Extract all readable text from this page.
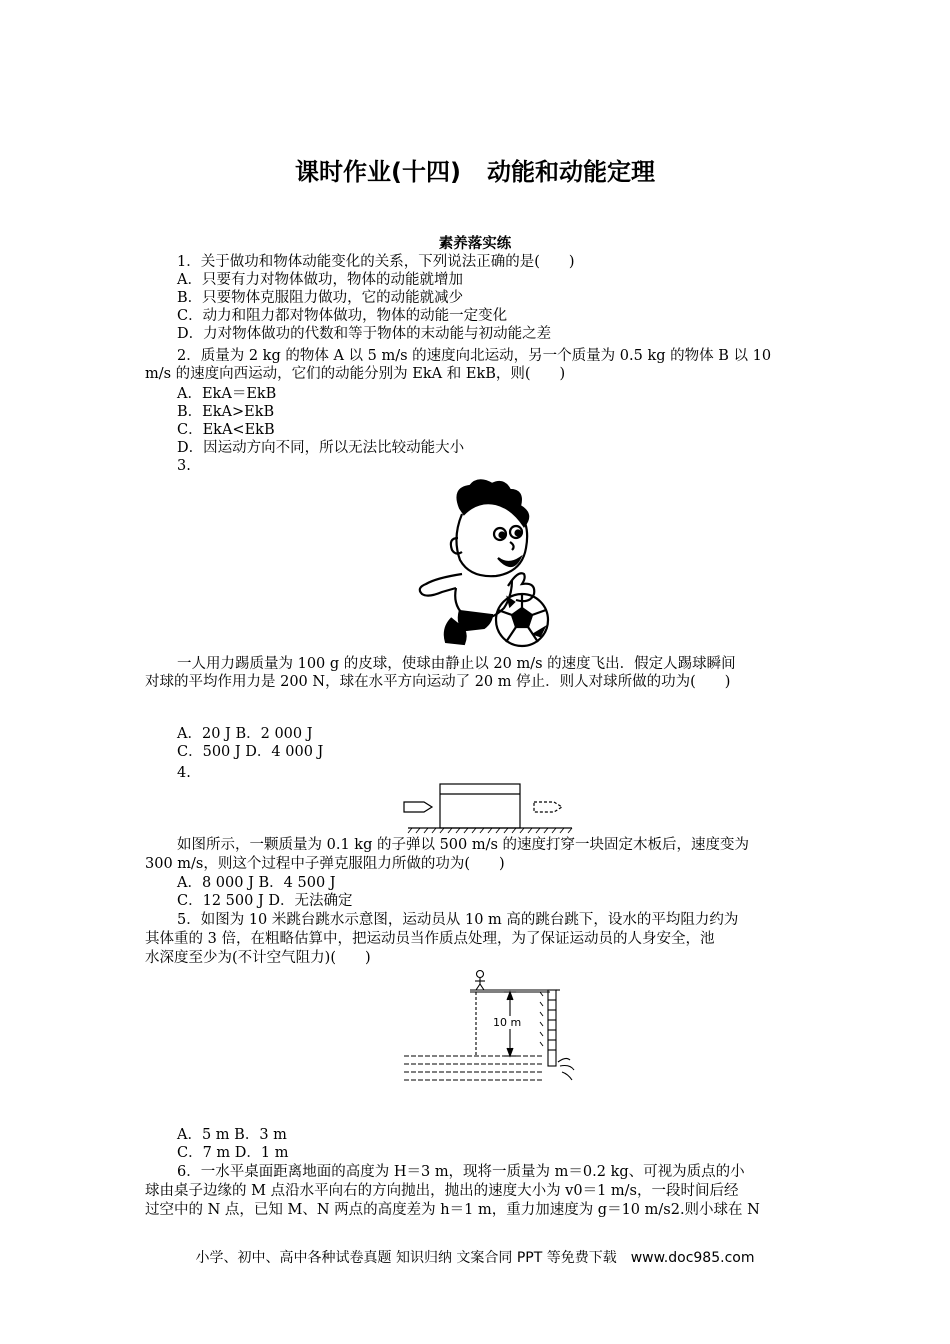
课时作业(十四) 动能和动能定理
素养落实练
1．关于做功和物体动能变化的关系，下列说法正确的是(　　)
A．只要有力对物体做功，物体的动能就增加
B．只要物体克服阻力做功，它的动能就减少
C．动力和阻力都对物体做功，物体的动能一定变化
D．力对物体做功的代数和等于物体的末动能与初动能之差
2．质量为 2 kg 的物体 A 以 5 m/s 的速度向北运动，另一个质量为 0.5 kg 的物体 B 以 10
m/s 的速度向西运动，它们的动能分别为 EkA 和 EkB，则(　　)
A．EkA＝EkB
B．EkA>EkB
C．EkA<EkB
D．因运动方向不同，所以无法比较动能大小
3.
一人用力踢质量为 100 g 的皮球，使球由静止以 20 m/s 的速度飞出．假定人踢球瞬间
对球的平均作用力是 200 N，球在水平方向运动了 20 m 停止．则人对球所做的功为(　　)
A．20 J B．2 000 J
C．500 J D．4 000 J
4.
如图所示，一颗质量为 0.1 kg 的子弹以 500 m/s 的速度打穿一块固定木板后，速度变为
300 m/s，则这个过程中子弹克服阻力所做的功为(　　)
A．8 000 J B．4 500 J
C．12 500 J D．无法确定
5．如图为 10 米跳台跳水示意图，运动员从 10 m 高的跳台跳下，设水的平均阻力约为
其体重的 3 倍，在粗略估算中，把运动员当作质点处理，为了保证运动员的人身安全，池
水深度至少为(不计空气阻力)(　　)
10 m
A．5 m B．3 m
C．7 m D．1 m
6．一水平桌面距离地面的高度为 H＝3 m，现将一质量为 m＝0.2 kg、可视为质点的小
球由桌子边缘的 M 点沿水平向右的方向抛出，抛出的速度大小为 v0＝1 m/s，一段时间后经
过空中的 N 点，已知 M、N 两点的高度差为 h＝1 m，重力加速度为 g＝10 m/s2.则小球在 N
小学、初中、高中各种试卷真题 知识归纳 文案合同 PPT 等免费下载　www.doc985.com
